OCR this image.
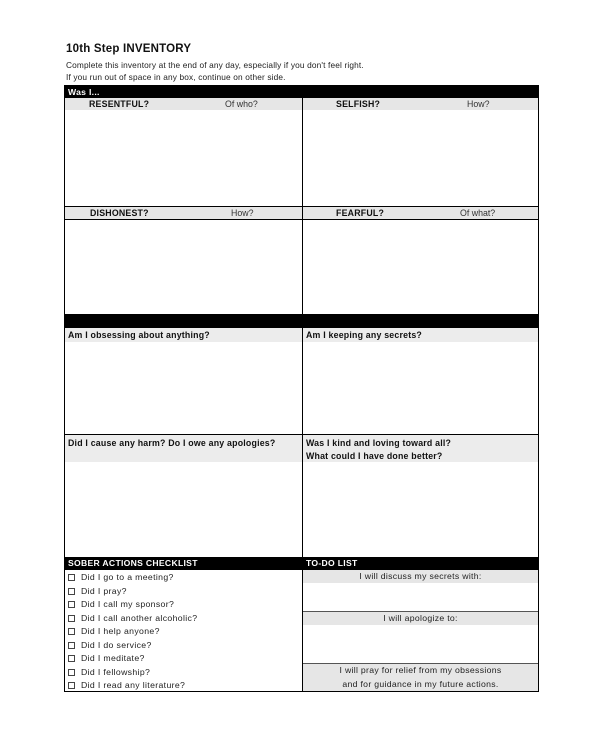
10th Step INVENTORY
Complete this inventory at the end of any day, especially if you don't feel right.
If you run out of space in any box, continue on other side.
Was I...
RESENTFUL?	Of who?	SELFISH?	How?
DISHONEST?	How?	FEARFUL?	Of what?
Am I obsessing about anything?	Am I keeping any secrets?
Did I cause any harm? Do I owe any apologies?	Was I kind and loving toward all?
What could I have done better?
SOBER ACTIONS CHECKLIST	TO-DO LIST
Did I go to a meeting?
Did I pray?
Did I call my sponsor?
Did I call another alcoholic?
Did I help anyone?
Did I do service?
Did I meditate?
Did I fellowship?
Did I read any literature?
I will discuss my secrets with:
I will apologize to:
I will pray for relief from my obsessions
and for guidance in my future actions.
